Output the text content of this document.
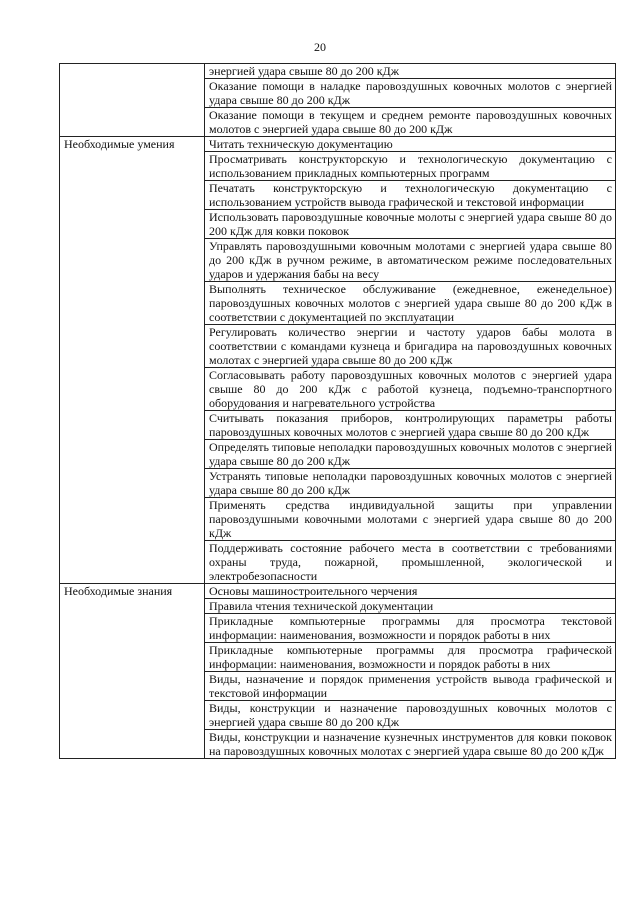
20
	энергией удара свыше 80 до 200 кДж
	Оказание помощи в наладке паровоздушных ковочных молотов с энергией удара свыше 80 до 200 кДж
	Оказание помощи в текущем и среднем ремонте паровоздушных ковочных молотов с энергией удара свыше 80 до 200 кДж
Необходимые умения	Читать техническую документацию
	Просматривать конструкторскую и технологическую документацию с использованием прикладных компьютерных программ
	Печатать конструкторскую и технологическую документацию с использованием устройств вывода графической и текстовой информации
	Использовать паровоздушные ковочные молоты с энергией удара свыше 80 до 200 кДж для ковки поковок
	Управлять паровоздушными ковочным молотами с энергией удара свыше 80 до 200 кДж в ручном режиме, в автоматическом режиме последовательных ударов и удержания бабы на весу
	Выполнять техническое обслуживание (ежедневное, еженедельное) паровоздушных ковочных молотов с энергией удара свыше 80 до 200 кДж в соответствии с документацией по эксплуатации
	Регулировать количество энергии и частоту ударов бабы молота в соответствии с командами кузнеца и бригадира на паровоздушных ковочных молотах с энергией удара свыше 80 до 200 кДж
	Согласовывать работу паровоздушных ковочных молотов с энергией удара свыше 80 до 200 кДж с работой кузнеца, подъемно-транспортного оборудования и нагревательного устройства
	Считывать показания приборов, контролирующих параметры работы паровоздушных ковочных молотов с энергией удара свыше 80 до 200 кДж
	Определять типовые неполадки паровоздушных ковочных молотов с энергией удара свыше 80 до 200 кДж
	Устранять типовые неполадки паровоздушных ковочных молотов с энергией удара свыше 80 до 200 кДж
	Применять средства индивидуальной защиты при управлении паровоздушными ковочными молотами с энергией удара свыше 80 до 200 кДж
	Поддерживать состояние рабочего места в соответствии с требованиями охраны труда, пожарной, промышленной, экологической и электробезопасности
Необходимые знания	Основы машиностроительного черчения
	Правила чтения технической документации
	Прикладные компьютерные программы для просмотра текстовой информации: наименования, возможности и порядок работы в них
	Прикладные компьютерные программы для просмотра графической информации: наименования, возможности и порядок работы в них
	Виды, назначение и порядок применения устройств вывода графической и текстовой информации
	Виды, конструкции и назначение паровоздушных ковочных молотов с энергией удара свыше 80 до 200 кДж
	Виды, конструкции и назначение кузнечных инструментов для ковки поковок на паровоздушных ковочных молотах с энергией удара свыше 80 до 200 кДж
